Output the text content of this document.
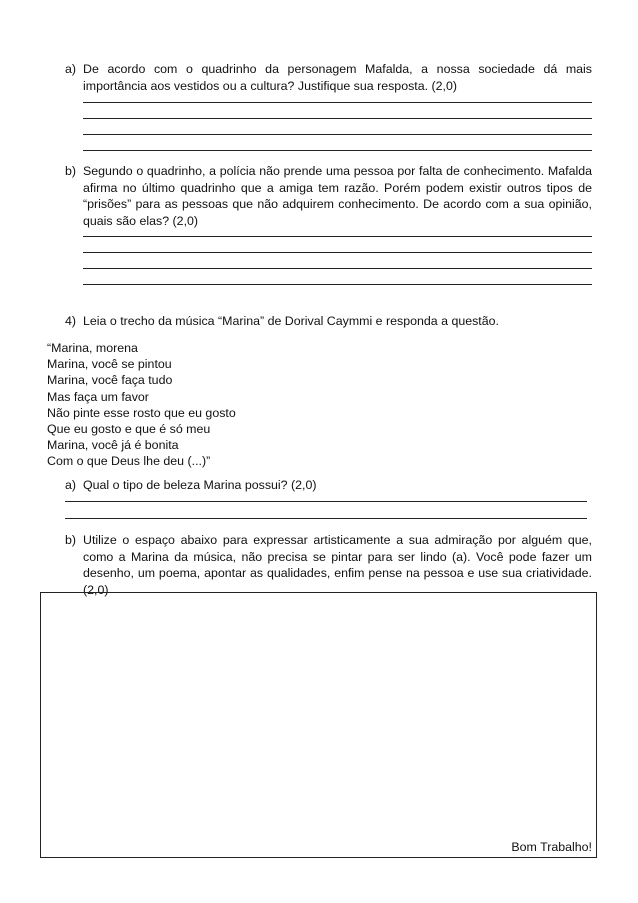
a) De acordo com o quadrinho da personagem Mafalda, a nossa sociedade dá mais importância aos vestidos ou a cultura? Justifique sua resposta. (2,0)
b) Segundo o quadrinho, a polícia não prende uma pessoa por falta de conhecimento. Mafalda afirma no último quadrinho que a amiga tem razão. Porém podem existir outros tipos de “prisões” para as pessoas que não adquirem conhecimento. De acordo com a sua opinião, quais são elas? (2,0)
4) Leia o trecho da música “Marina” de Dorival Caymmi e responda a questão.
“Marina, morena
Marina, você se pintou
Marina, você faça tudo
Mas faça um favor
Não pinte esse rosto que eu gosto
Que eu gosto e que é só meu
Marina, você já é bonita
Com o que Deus lhe deu (...)”
a) Qual o tipo de beleza Marina possui? (2,0)
b) Utilize o espaço abaixo para expressar artisticamente a sua admiração por alguém que, como a Marina da música, não precisa se pintar para ser lindo (a). Você pode fazer um desenho, um poema, apontar as qualidades, enfim pense na pessoa e use sua criatividade. (2,0)
Bom Trabalho!
